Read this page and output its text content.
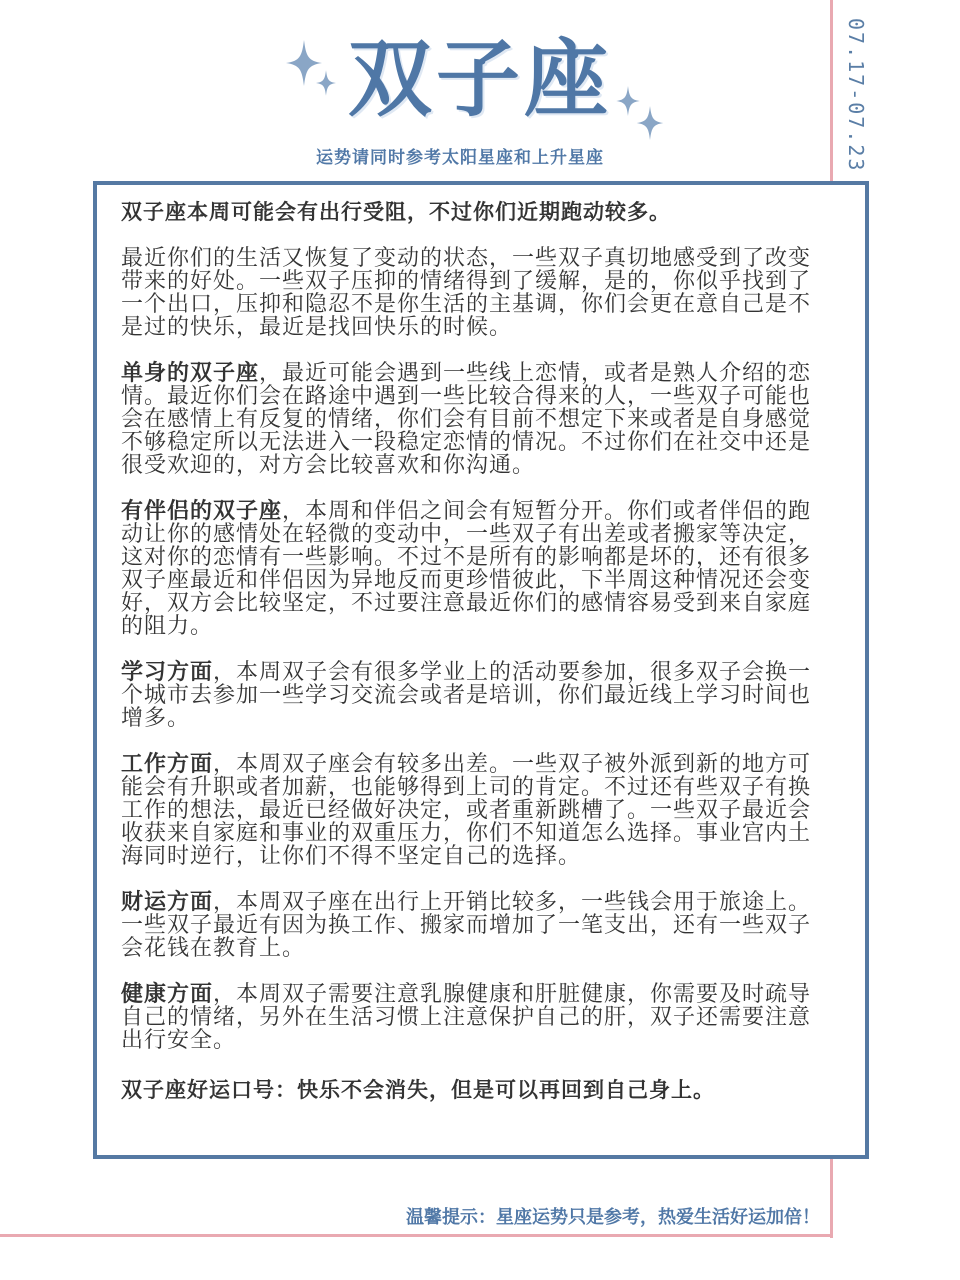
07.17-07.23
双子座
运势请同时参考太阳星座和上升星座

双子座本周可能会有出行受阻，不过你们近期跑动较多。

最近你们的生活又恢复了变动的状态，一些双子真切地感受到了改变带来的好处。一些双子压抑的情绪得到了缓解，是的，你似乎找到了一个出口，压抑和隐忍不是你生活的主基调，你们会更在意自己是不是过的快乐，最近是找回快乐的时候。

单身的双子座，最近可能会遇到一些线上恋情，或者是熟人介绍的恋情。最近你们会在路途中遇到一些比较合得来的人，一些双子可能也会在感情上有反复的情绪，你们会有目前不想定下来或者是自身感觉不够稳定所以无法进入一段稳定恋情的情况。不过你们在社交中还是很受欢迎的，对方会比较喜欢和你沟通。

有伴侣的双子座，本周和伴侣之间会有短暂分开。你们或者伴侣的跑动让你的感情处在轻微的变动中，一些双子有出差或者搬家等决定，这对你的恋情有一些影响。不过不是所有的影响都是坏的，还有很多双子座最近和伴侣因为异地反而更珍惜彼此，下半周这种情况还会变好，双方会比较坚定，不过要注意最近你们的感情容易受到来自家庭的阻力。

学习方面，本周双子会有很多学业上的活动要参加，很多双子会换一个城市去参加一些学习交流会或者是培训，你们最近线上学习时间也增多。

工作方面，本周双子座会有较多出差。一些双子被外派到新的地方可能会有升职或者加薪，也能够得到上司的肯定。不过还有些双子有换工作的想法，最近已经做好决定，或者重新跳槽了。一些双子最近会收获来自家庭和事业的双重压力，你们不知道怎么选择。事业宫内土海同时逆行，让你们不得不坚定自己的选择。

财运方面，本周双子座在出行上开销比较多，一些钱会用于旅途上。一些双子最近有因为换工作、搬家而增加了一笔支出，还有一些双子会花钱在教育上。

健康方面，本周双子需要注意乳腺健康和肝脏健康，你需要及时疏导自己的情绪，另外在生活习惯上注意保护自己的肝，双子还需要注意出行安全。

双子座好运口号：快乐不会消失，但是可以再回到自己身上。

温馨提示：星座运势只是参考，热爱生活好运加倍！
